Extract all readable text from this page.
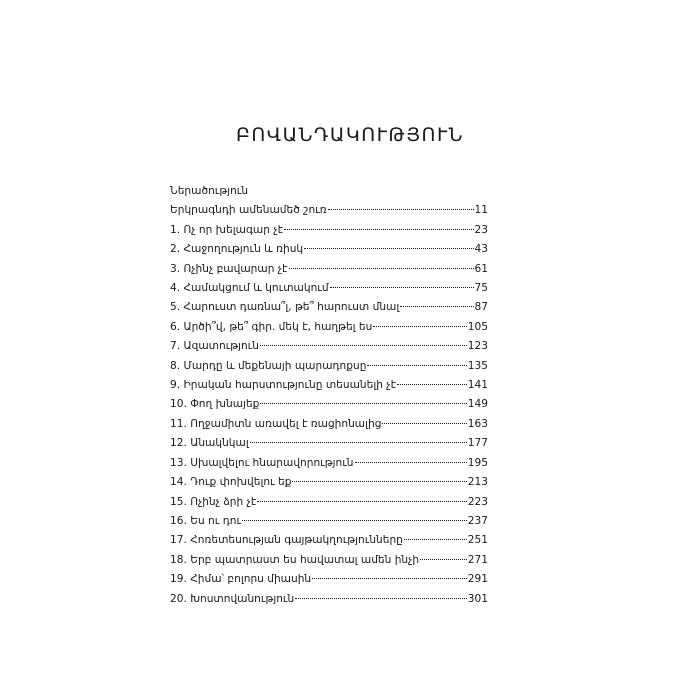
ԲՈՎԱՆԴԱԿՈՒԹՅՈՒՆ
Ներածություն
Երկրագնդի ամենամեծ շուռ	11
1. Ոչ որ խելագար չէ	23
2. Հաջողություն և ռիսկ	43
3. Ոչինչ բավարար չէ	61
4. Համակցում և կուտակում	75
5. Հարուստ դառնա՞լ, թե՞ հարուստ մնալ	87
6. Արծի՞վ, թե՞ գիր. մեկ է, հաղթել ես	105
7. Ազատություն	123
8. Մարդը և մեքենայի պարադոքսը	135
9. Իրական հարստությունը տեսանելի չէ	141
10. Փող խնայեք	149
11. Ողջամիտն առավել է ռացիոնալից	163
12. Անակնկալ	177
13. Սխալվելու հնարավորություն	195
14. Դուք փոխվելու եք	213
15. Ոչինչ ձրի չէ	223
16. Ես ու դու	237
17. Հոռետեսության գայթակղությունները	251
18. Երբ պատրաստ ես հավատալ ամեն ինչի	271
19. Հիմա՝ բոլորս միասին	291
20. Խոստովանություն	301
